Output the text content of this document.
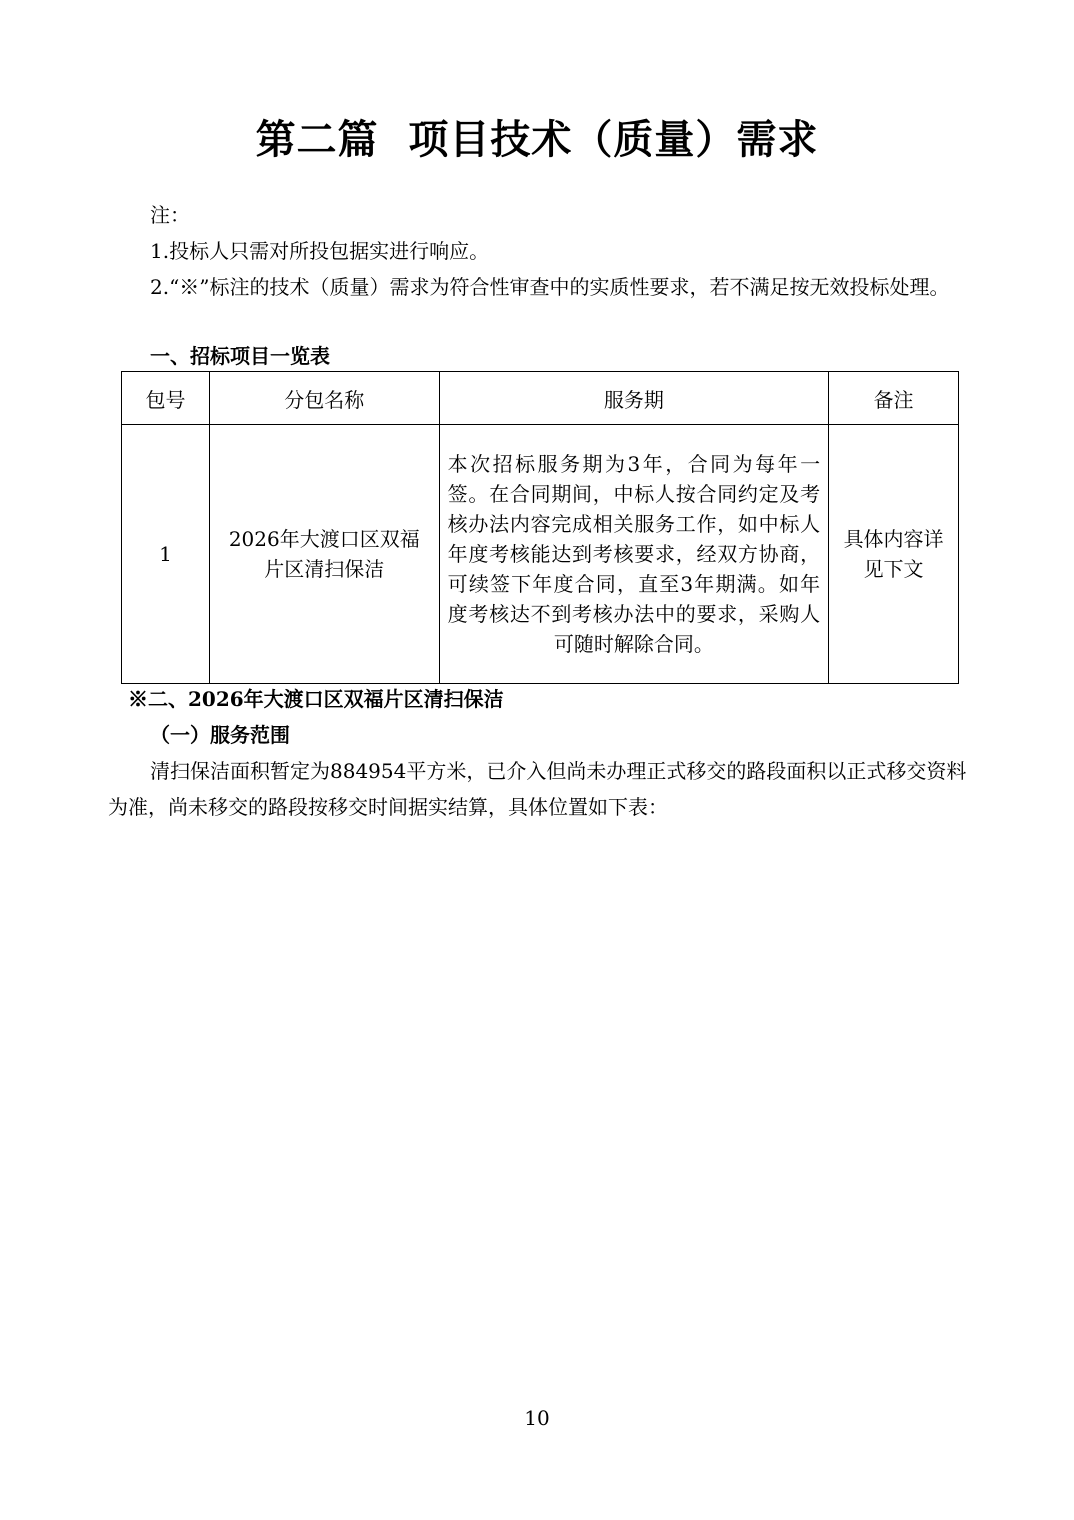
第二篇  项目技术（质量）需求
注：
1.投标人只需对所投包据实进行响应。
2.“※”标注的技术（质量）需求为符合性审查中的实质性要求，若不满足按无效投标处理。
一、招标项目一览表
包号	分包名称	服务期	备注
1	2026年大渡口区双福片区清扫保洁	本次招标服务期为3年，合同为每年一签。在合同期间，中标人按合同约定及考核办法内容完成相关服务工作，如中标人年度考核能达到考核要求，经双方协商，可续签下年度合同，直至3年期满。如年度考核达不到考核办法中的要求，采购人可随时解除合同。	具体内容详见下文
※二、2026年大渡口区双福片区清扫保洁
（一）服务范围
清扫保洁面积暂定为884954平方米，已介入但尚未办理正式移交的路段面积以正式移交资料为准，尚未移交的路段按移交时间据实结算，具体位置如下表：
10
